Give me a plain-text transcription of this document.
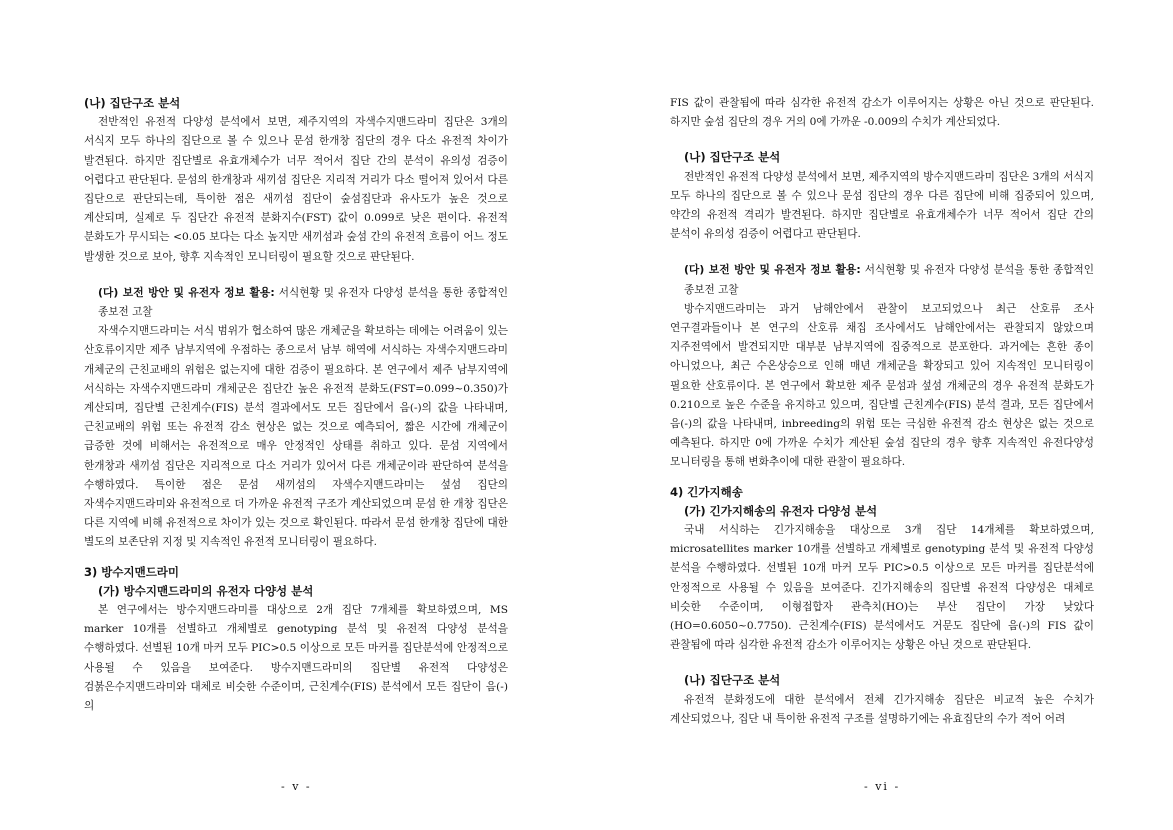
(나) 집단구조 분석

전반적인 유전적 다양성 분석에서 보면, 제주지역의 자색수지맨드라미 집단은 3개의 서식지 모두 하나의 집단으로 볼 수 있으나 문섬 한개창 집단의 경우 다소 유전적 차이가 발견된다. 하지만 집단별로 유효개체수가 너무 적어서 집단 간의 분석이 유의성 검증이 어렵다고 판단된다. 문섬의 한개창과 새끼섬 집단은 지리적 거리가 다소 떨어져 있어서 다른 집단으로 판단되는데, 특이한 점은 새끼섬 집단이 숲섬집단과 유사도가 높은 것으로 계산되며, 실제로 두 집단간 유전적 분화지수(FST) 값이 0.099로 낮은 편이다. 유전적 분화도가 무시되는 <0.05 보다는 다소 높지만 새끼섬과 숲섬 간의 유전적 흐름이 어느 정도 발생한 것으로 보아, 향후 지속적인 모니터링이 필요할 것으로 판단된다.

(다) 보전 방안 및 유전자 정보 활용: 서식현황 및 유전자 다양성 분석을 통한 종합적인 종보전 고찰

자색수지맨드라미는 서식 범위가 협소하여 많은 개체군을 확보하는 데에는 어려움이 있는 산호류이지만 제주 남부지역에 우점하는 종으로서 남부 해역에 서식하는 자색수지맨드라미 개체군의 근친교배의 위험은 없는지에 대한 검증이 필요하다. 본 연구에서 제주 남부지역에 서식하는 자색수지맨드라미 개체군은 집단간 높은 유전적 분화도(FST=0.099~0.350)가 계산되며, 집단별 근친계수(FIS) 분석 결과에서도 모든 집단에서 음(-)의 값을 나타내며, 근친교배의 위험 또는 유전적 감소 현상은 없는 것으로 예측되어, 짧은 시간에 개체군이 급증한 것에 비해서는 유전적으로 매우 안정적인 상태를 취하고 있다. 문섬 지역에서 한개창과 새끼섬 집단은 지리적으로 다소 거리가 있어서 다른 개체군이라 판단하여 분석을 수행하였다. 특이한 점은 문섬 새끼섬의 자색수지맨드라미는 섶섬 집단의 자색수지맨드라미와 유전적으로 더 가까운 유전적 구조가 계산되었으며 문섬 한 개창 집단은 다른 지역에 비해 유전적으로 차이가 있는 것으로 확인된다. 따라서 문섬 한개창 집단에 대한 별도의 보존단위 지정 및 지속적인 유전적 모니터링이 필요하다.

3) 방수지맨드라미
(가) 방수지맨드라미의 유전자 다양성 분석

본 연구에서는 방수지맨드라미를 대상으로 2개 집단 7개체를 확보하였으며, MS marker 10개를 선별하고 개체별로 genotyping 분석 및 유전적 다양성 분석을 수행하였다. 선별된 10개 마커 모두 PIC>0.5 이상으로 모든 마커를 집단분석에 안정적으로 사용될 수 있음을 보여준다. 방수지맨드라미의 집단별 유전적 다양성은 검붉은수지맨드라미와 대체로 비슷한 수준이며, 근친계수(FIS) 분석에서 모든 집단이 음(-)의

FIS 값이 관찰됨에 따라 심각한 유전적 감소가 이루어지는 상황은 아닌 것으로 판단된다. 하지만 숲섬 집단의 경우 거의 0에 가까운 -0.009의 수치가 계산되었다.

(나) 집단구조 분석

전반적인 유전적 다양성 분석에서 보면, 제주지역의 방수지맨드라미 집단은 3개의 서식지 모두 하나의 집단으로 볼 수 있으나 문섬 집단의 경우 다른 집단에 비해 집중되어 있으며, 약간의 유전적 격리가 발견된다. 하지만 집단별로 유효개체수가 너무 적어서 집단 간의 분석이 유의성 검증이 어렵다고 판단된다.

(다) 보전 방안 및 유전자 정보 활용: 서식현황 및 유전자 다양성 분석을 통한 종합적인 종보전 고찰

방수지맨드라미는 과거 남해안에서 관찰이 보고되었으나 최근 산호류 조사 연구결과들이나 본 연구의 산호류 채집 조사에서도 남해안에서는 관찰되지 않았으며 지주전역에서 발견되지만 대부분 남부지역에 집중적으로 분포한다. 과거에는 흔한 종이 아니었으나, 최근 수온상승으로 인해 매년 개체군을 확장되고 있어 지속적인 모니터링이 필요한 산호류이다. 본 연구에서 확보한 제주 문섬과 섶섬 개체군의 경우 유전적 분화도가 0.210으로 높은 수준을 유지하고 있으며, 집단별 근친계수(FIS) 분석 결과, 모든 집단에서 음(-)의 값을 나타내며, inbreeding의 위험 또는 극심한 유전적 감소 현상은 없는 것으로 예측된다. 하지만 0에 가까운 수치가 계산된 숲섬 집단의 경우 향후 지속적인 유전다양성 모니터링을 통해 변화추이에 대한 관찰이 필요하다.

4) 긴가지해송
(가) 긴가지해송의 유전자 다양성 분석

국내 서식하는 긴가지해송을 대상으로 3개 집단 14개체를 확보하였으며, microsatellites marker 10개를 선별하고 개체별로 genotyping 분석 및 유전적 다양성 분석을 수행하였다. 선별된 10개 마커 모두 PIC>0.5 이상으로 모든 마커를 집단분석에 안정적으로 사용될 수 있음을 보여준다. 긴가지해송의 집단별 유전적 다양성은 대체로 비슷한 수준이며, 이형접합자 관측치(HO)는 부산 집단이 가장 낮았다(HO=0.6050~0.7750). 근친계수(FIS) 분석에서도 거문도 집단에 음(-)의 FIS 값이 관찰됨에 따라 심각한 유전적 감소가 이루어지는 상황은 아닌 것으로 판단된다.

(나) 집단구조 분석

유전적 분화정도에 대한 분석에서 전체 긴가지해송 집단은 비교적 높은 수치가 계산되었으나, 집단 내 특이한 유전적 구조를 설명하기에는 유효집단의 수가 적어 어려

- v -	- vi -
